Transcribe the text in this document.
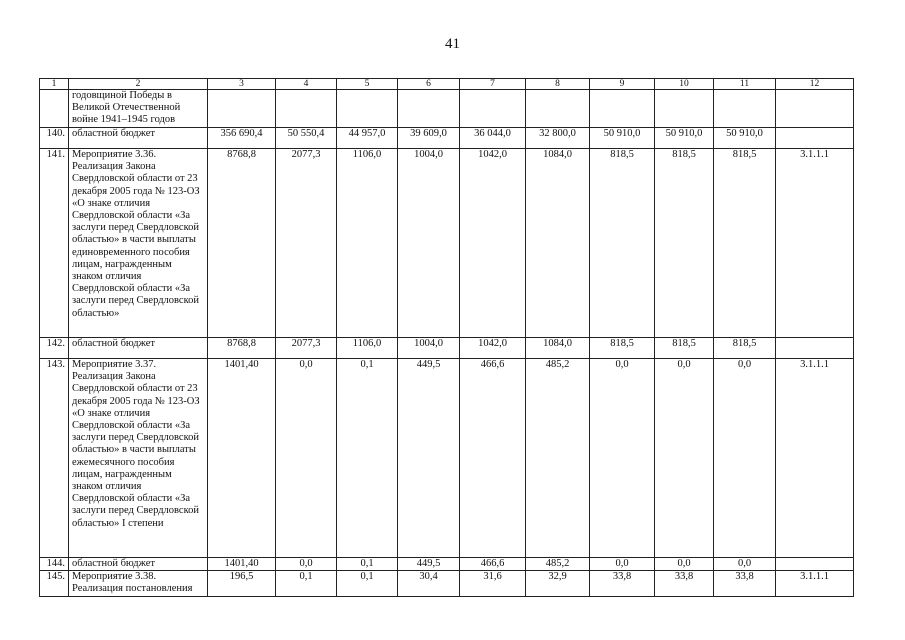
41
1	2	3	4	5	6	7	8	9	10	11	12
	годовщиной Победы в Великой Отечественной войне 1941–1945 годов										
140.	областной бюджет	356 690,4	50 550,4	44 957,0	39 609,0	36 044,0	32 800,0	50 910,0	50 910,0	50 910,0	
141.	Мероприятие 3.36. Реализация Закона Свердловской области от 23 декабря 2005 года № 123-ОЗ «О знаке отличия Свердловской области «За заслуги перед Свердловской областью» в части выплаты единовременного пособия лицам, награжденным знаком отличия Свердловской области «За заслуги перед Свердловской областью»	8768,8	2077,3	1106,0	1004,0	1042,0	1084,0	818,5	818,5	818,5	3.1.1.1
142.	областной бюджет	8768,8	2077,3	1106,0	1004,0	1042,0	1084,0	818,5	818,5	818,5	
143.	Мероприятие 3.37. Реализация Закона Свердловской области от 23 декабря 2005 года № 123-ОЗ «О знаке отличия Свердловской области «За заслуги перед Свердловской областью» в части выплаты ежемесячного пособия лицам, награжденным знаком отличия Свердловской области «За заслуги перед Свердловской областью» I степени	1401,40	0,0	0,1	449,5	466,6	485,2	0,0	0,0	0,0	3.1.1.1
144.	областной бюджет	1401,40	0,0	0,1	449,5	466,6	485,2	0,0	0,0	0,0	
145.	Мероприятие 3.38. Реализация постановления	196,5	0,1	0,1	30,4	31,6	32,9	33,8	33,8	33,8	3.1.1.1
